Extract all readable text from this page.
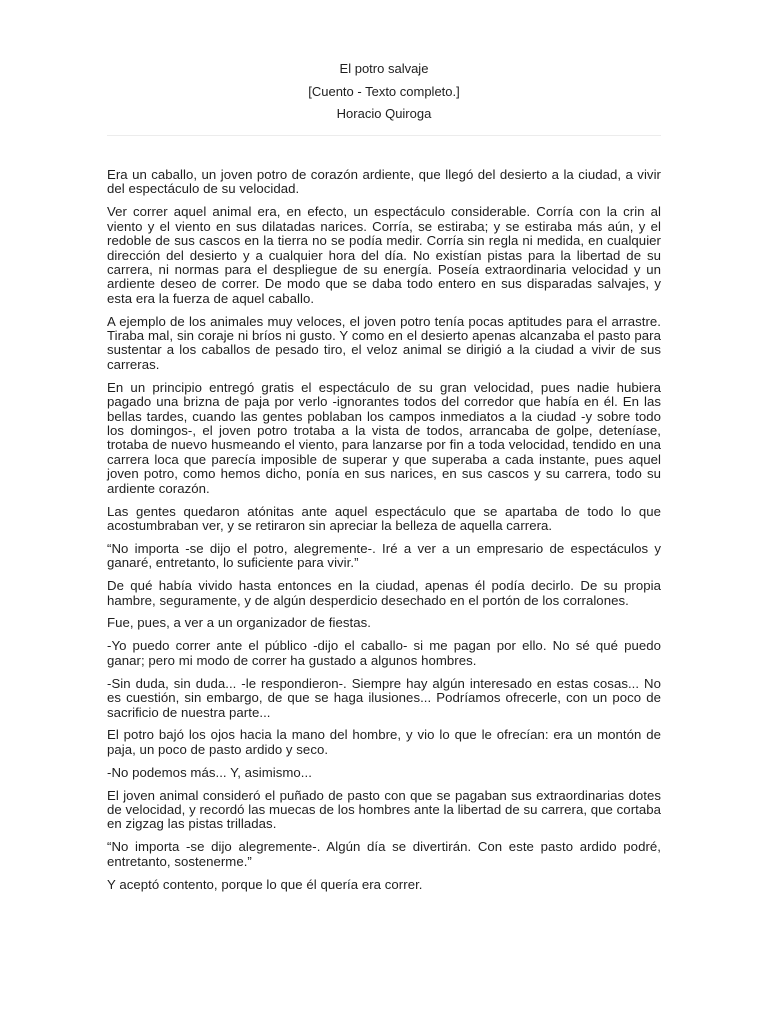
El potro salvaje
[Cuento - Texto completo.]
Horacio Quiroga

Era un caballo, un joven potro de corazón ardiente, que llegó del desierto a la ciudad, a vivir del espectáculo de su velocidad.

Ver correr aquel animal era, en efecto, un espectáculo considerable. Corría con la crin al viento y el viento en sus dilatadas narices. Corría, se estiraba; y se estiraba más aún, y el redoble de sus cascos en la tierra no se podía medir. Corría sin regla ni medida, en cualquier dirección del desierto y a cualquier hora del día. No existían pistas para la libertad de su carrera, ni normas para el despliegue de su energía. Poseía extraordinaria velocidad y un ardiente deseo de correr. De modo que se daba todo entero en sus disparadas salvajes, y esta era la fuerza de aquel caballo.

A ejemplo de los animales muy veloces, el joven potro tenía pocas aptitudes para el arrastre. Tiraba mal, sin coraje ni bríos ni gusto. Y como en el desierto apenas alcanzaba el pasto para sustentar a los caballos de pesado tiro, el veloz animal se dirigió a la ciudad a vivir de sus carreras.

En un principio entregó gratis el espectáculo de su gran velocidad, pues nadie hubiera pagado una brizna de paja por verlo -ignorantes todos del corredor que había en él. En las bellas tardes, cuando las gentes poblaban los campos inmediatos a la ciudad -y sobre todo los domingos-, el joven potro trotaba a la vista de todos, arrancaba de golpe, deteníase, trotaba de nuevo husmeando el viento, para lanzarse por fin a toda velocidad, tendido en una carrera loca que parecía imposible de superar y que superaba a cada instante, pues aquel joven potro, como hemos dicho, ponía en sus narices, en sus cascos y su carrera, todo su ardiente corazón.

Las gentes quedaron atónitas ante aquel espectáculo que se apartaba de todo lo que acostumbraban ver, y se retiraron sin apreciar la belleza de aquella carrera.

“No importa -se dijo el potro, alegremente-. Iré a ver a un empresario de espectáculos y ganaré, entretanto, lo suficiente para vivir.”

De qué había vivido hasta entonces en la ciudad, apenas él podía decirlo. De su propia hambre, seguramente, y de algún desperdicio desechado en el portón de los corralones.

Fue, pues, a ver a un organizador de fiestas.

-Yo puedo correr ante el público -dijo el caballo- si me pagan por ello. No sé qué puedo ganar; pero mi modo de correr ha gustado a algunos hombres.

-Sin duda, sin duda... -le respondieron-. Siempre hay algún interesado en estas cosas... No es cuestión, sin embargo, de que se haga ilusiones... Podríamos ofrecerle, con un poco de sacrificio de nuestra parte...

El potro bajó los ojos hacia la mano del hombre, y vio lo que le ofrecían: era un montón de paja, un poco de pasto ardido y seco.

-No podemos más... Y, asimismo...

El joven animal consideró el puñado de pasto con que se pagaban sus extraordinarias dotes de velocidad, y recordó las muecas de los hombres ante la libertad de su carrera, que cortaba en zigzag las pistas trilladas.

“No importa -se dijo alegremente-. Algún día se divertirán. Con este pasto ardido podré, entretanto, sostenerme.”

Y aceptó contento, porque lo que él quería era correr.
